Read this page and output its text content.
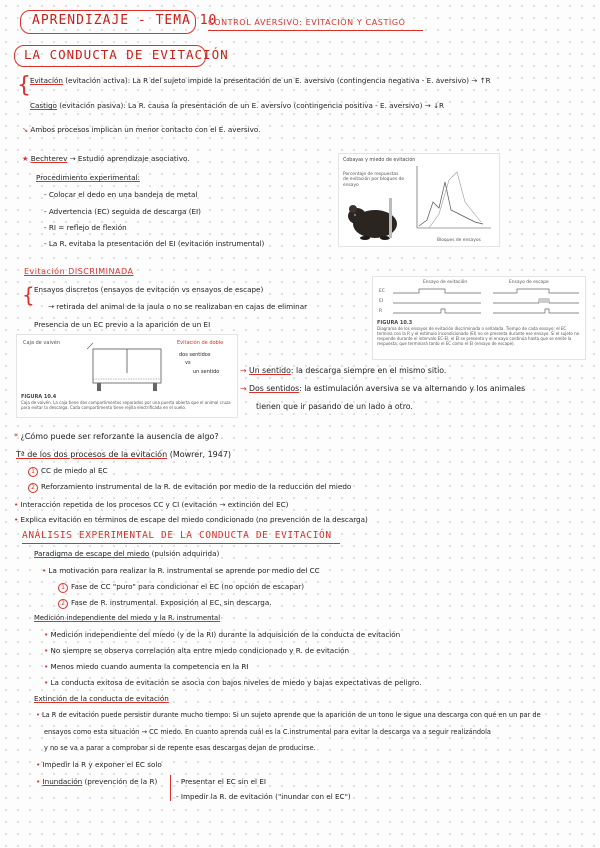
APRENDIZAJE - TEMA 10
CONTROL AVERSIVO: EVITACIÓN Y CASTIGO
LA CONDUCTA DE EVITACIÓN
{ Evitación (evitación activa): La R del sujeto impide la presentación de un E. aversivo (contingencia negativa - E. aversivo) → ↑R
Castigo (evitación pasiva): La R. causa la presentación de un E. aversivo (contingencia positiva - E. aversivo) → ↓R
↘ Ambos procesos implican un menor contacto con el E. aversivo.
★ Bechterev → Estudió aprendizaje asociativo.
Procedimiento experimental:
- Colocar el dedo en una bandeja de metal
- Advertencia (EC) seguida de descarga (EI)
- RI = reflejo de flexión
- La R. evitaba la presentación del EI (evitación instrumental)
Cobayas y miedo de evitación
Porcentaje de respuestas de evitación por bloques de ensayo
Bloques de ensayos
Evitación DISCRIMINADA
{ Ensayos discretos (ensayos de evitación vs ensayos de escape)
→ retirada del animal de la jaula o no se realizaban en cajas de eliminar
Presencia de un EC previo a la aparición de un EI
Ensayo de evitación	Ensayo de escape
EC
EI
R
FIGURA 10.3
Diagrama de los ensayos de evitación discriminada o señalada. Tiempo de cada ensayo: el EC termina con la R y el estímulo incondicionado (EI) no se presenta durante ese ensayo. Si el sujeto no responde durante el intervalo EC-EI, el EI se presenta y el ensayo continúa hasta que se emite la respuesta, que terminará tanto el EC como el EI (ensayo de escape).
Caja de vaivén	Evitación de doble
dos sentidos
vs
un sentido
FIGURA 10.4
Caja de vaivén. La caja tiene dos compartimentos separados por una puerta abierta que el animal cruza para evitar la descarga. Cada compartimento tiene rejilla electrificada en el suelo.
→ Un sentido: la descarga siempre en el mismo sitio.
→ Dos sentidos: la estimulación aversiva se va alternando y los animales
tienen que ir pasando de un lado a otro.
* ¿Cómo puede ser reforzante la ausencia de algo?
Tª de los dos procesos de la evitación (Mowrer, 1947)
1 CC de miedo al EC
2 Reforzamiento instrumental de la R. de evitación por medio de la reducción del miedo
• Interacción repetida de los procesos CC y CI (evitación → extinción del EC)
• Explica evitación en términos de escape del miedo condicionado (no prevención de la descarga)
ANÁLISIS EXPERIMENTAL DE LA CONDUCTA DE EVITACIÓN
Paradigma de escape del miedo (pulsión adquirida)
• La motivación para realizar la R. instrumental se aprende por medio del CC
1 Fase de CC "puro" para condicionar el EC (no opción de escapar)
2 Fase de R. instrumental. Exposición al EC, sin descarga.
Medición independiente del miedo y la R. instrumental
• Medición independiente del miedo (y de la RI) durante la adquisición de la conducta de evitación
• No siempre se observa correlación alta entre miedo condicionado y R. de evitación
• Menos miedo cuando aumenta la competencia en la RI
• La conducta exitosa de evitación se asocia con bajos niveles de miedo y bajas expectativas de peligro.
Extinción de la conducta de evitación
• La R de evitación puede persistir durante mucho tiempo: Si un sujeto aprende que la aparición de un tono le sigue una descarga con qué en un par de
ensayos como esta situación → CC miedo. En cuanto aprenda cuál es la C.instrumental para evitar la descarga va a seguir realizándola
y no se va a parar a comprobar si de repente esas descargas dejan de producirse.
• Impedir la R y exponer el EC solo
• Inundación (prevención de la R)	- Presentar el EC sin el EI
- Impedir la R. de evitación ("inundar con el EC")
